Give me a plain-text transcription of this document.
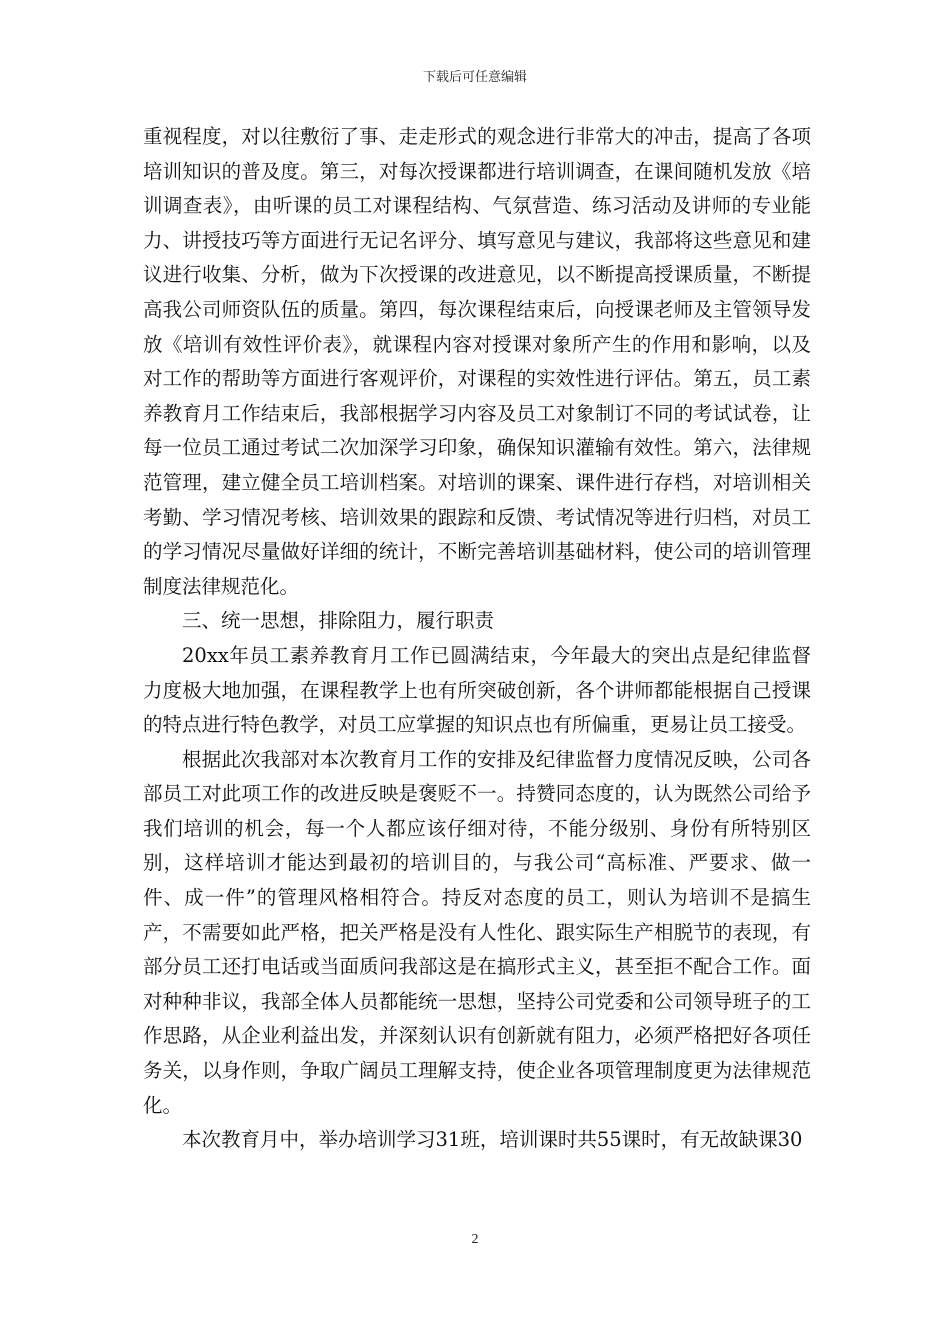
下载后可任意编辑

重视程度，对以往敷衍了事、走走形式的观念进行非常大的冲击，提高了各项培训知识的普及度。第三，对每次授课都进行培训调查，在课间随机发放《培训调查表》，由听课的员工对课程结构、气氛营造、练习活动及讲师的专业能力、讲授技巧等方面进行无记名评分、填写意见与建议，我部将这些意见和建议进行收集、分析，做为下次授课的改进意见，以不断提高授课质量，不断提高我公司师资队伍的质量。第四，每次课程结束后，向授课老师及主管领导发放《培训有效性评价表》，就课程内容对授课对象所产生的作用和影响，以及对工作的帮助等方面进行客观评价，对课程的实效性进行评估。第五，员工素养教育月工作结束后，我部根据学习内容及员工对象制订不同的考试试卷，让每一位员工通过考试二次加深学习印象，确保知识灌输有效性。第六，法律规范管理，建立健全员工培训档案。对培训的课案、课件进行存档，对培训相关考勤、学习情况考核、培训效果的跟踪和反馈、考试情况等进行归档，对员工的学习情况尽量做好详细的统计，不断完善培训基础材料，使公司的培训管理制度法律规范化。

三、统一思想，排除阻力，履行职责

20xx年员工素养教育月工作已圆满结束，今年最大的突出点是纪律监督力度极大地加强，在课程教学上也有所突破创新，各个讲师都能根据自己授课的特点进行特色教学，对员工应掌握的知识点也有所偏重，更易让员工接受。

根据此次我部对本次教育月工作的安排及纪律监督力度情况反映，公司各部员工对此项工作的改进反映是褒贬不一。持赞同态度的，认为既然公司给予我们培训的机会，每一个人都应该仔细对待，不能分级别、身份有所特别区别，这样培训才能达到最初的培训目的，与我公司“高标准、严要求、做一件、成一件”的管理风格相符合。持反对态度的员工，则认为培训不是搞生产，不需要如此严格，把关严格是没有人性化、跟实际生产相脱节的表现，有部分员工还打电话或当面质问我部这是在搞形式主义，甚至拒不配合工作。面对种种非议，我部全体人员都能统一思想，坚持公司党委和公司领导班子的工作思路，从企业利益出发，并深刻认识有创新就有阻力，必须严格把好各项任务关，以身作则，争取广阔员工理解支持，使企业各项管理制度更为法律规范化。

本次教育月中，举办培训学习31班，培训课时共55课时，有无故缺课30

2
